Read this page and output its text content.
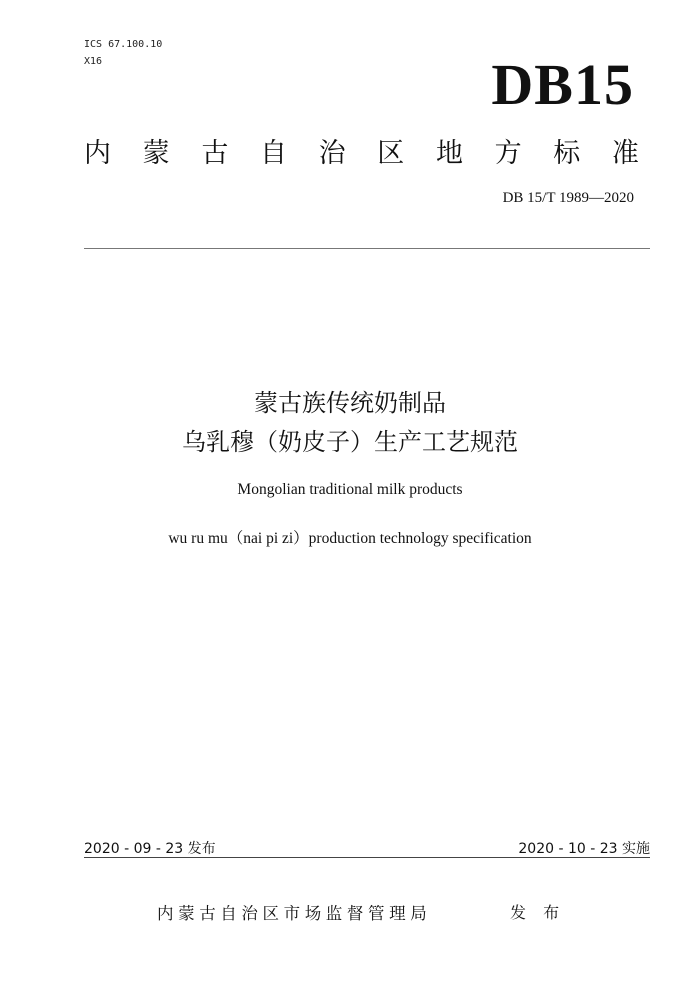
ICS 67.100.10
X16	DB15
内 蒙 古 自 治 区 地 方 标 准
DB 15/T 1989—2020
蒙古族传统奶制品
乌乳穆（奶皮子）生产工艺规范
Mongolian traditional milk products
wu ru mu（nai pi zi）production technology specification
2020 - 09 - 23 发布	2020 - 10 - 23 实施
内蒙古自治区市场监督管理局	发 布
